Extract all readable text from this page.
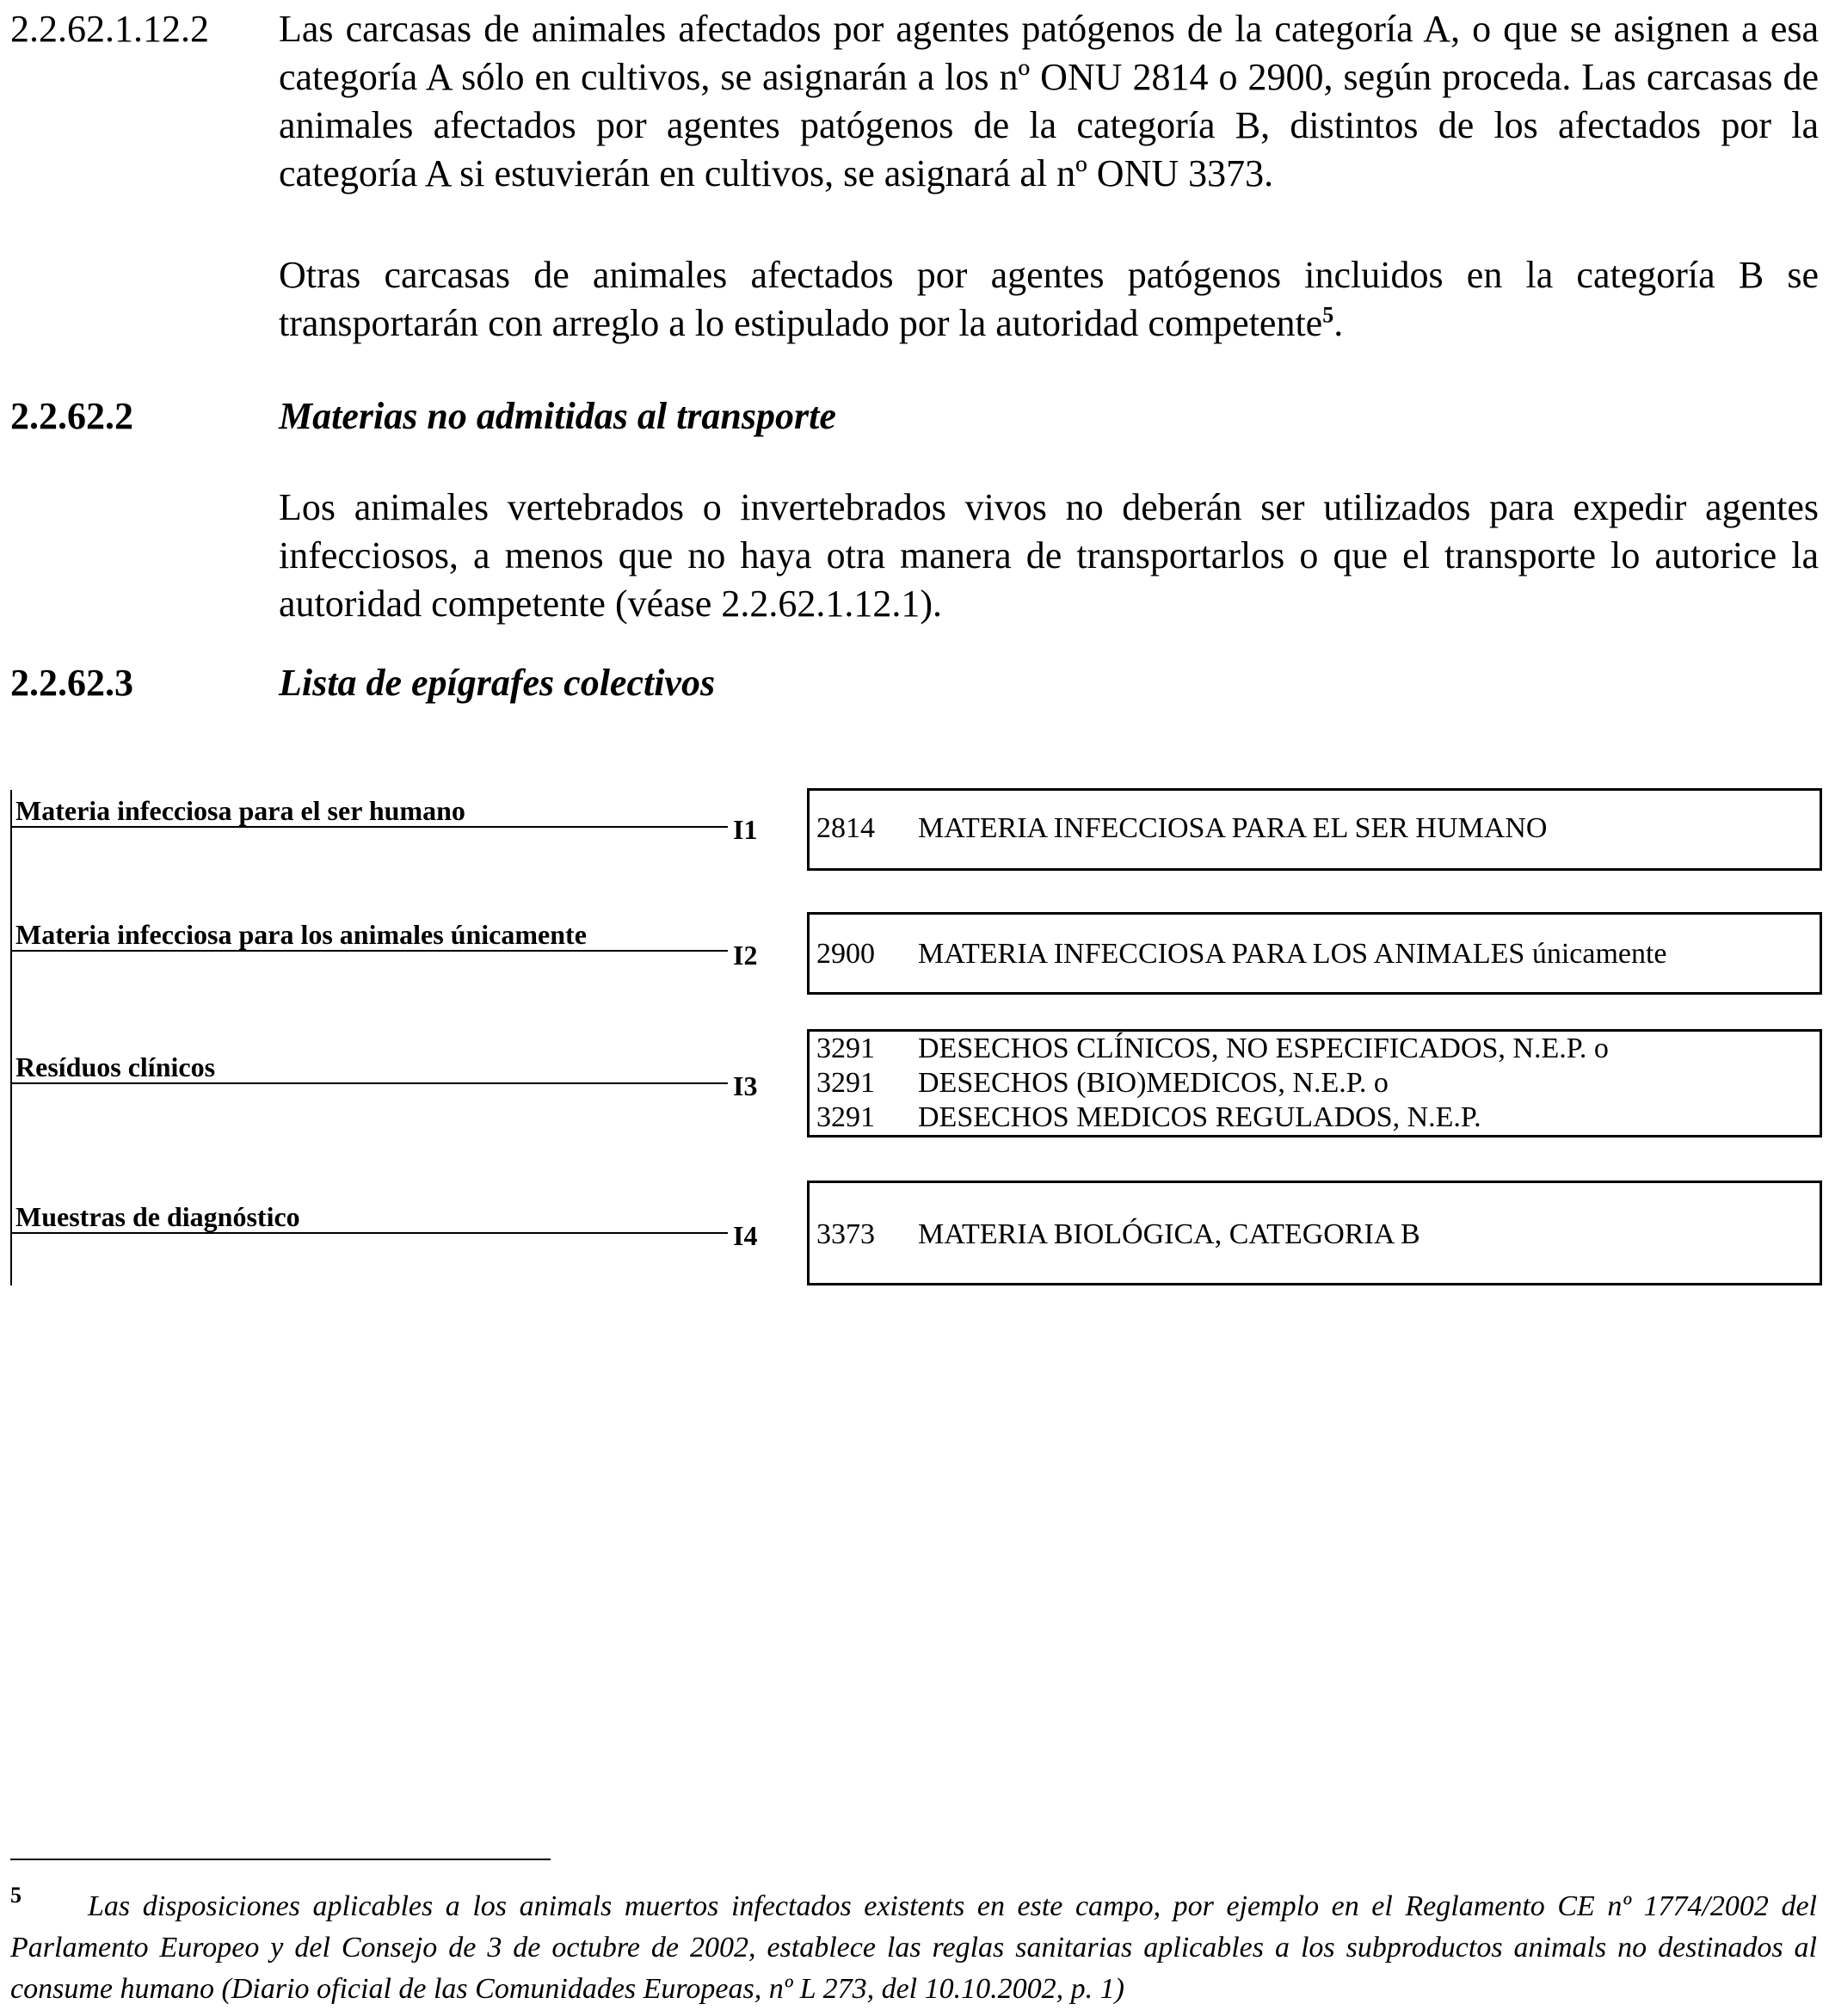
2.2.62.1.12.2 Las carcasas de animales afectados por agentes patógenos de la categoría A, o que se asignen a esa categoría A sólo en cultivos, se asignarán a los nº ONU 2814 o 2900, según proceda. Las carcasas de animales afectados por agentes patógenos de la categoría B, distintos de los afectados por la categoría A si estuvierán en cultivos, se asignará al nº ONU 3373.
Otras carcasas de animales afectados por agentes patógenos incluidos en la categoría B se transportarán con arreglo a lo estipulado por la autoridad competente$^5$.
2.2.62.2	Materias no admitidas al transporte
Los animales vertebrados o invertebrados vivos no deberán ser utilizados para expedir agentes infecciosos, a menos que no haya otra manera de transportarlos o que el transporte lo autorice la autoridad competente (véase 2.2.62.1.12.1).
2.2.62.3	Lista de epígrafes colectivos
Materia infecciosa para el ser humano
I1 2814 MATERIA INFECCIOSA PARA EL SER HUMANO
Materia infecciosa para los animales únicamente
I2 2900 MATERIA INFECCIOSA PARA LOS ANIMALES únicamente
Resíduos clínicos
I3
3291 DESECHOS CLÍNICOS, NO ESPECIFICADOS, N.E.P. o
3291 DESECHOS (BIO)MEDICOS, N.E.P. o
3291 DESECHOS MEDICOS REGULADOS, N.E.P.
Muestras de diagnóstico
I4 3373 MATERIA BIOLÓGICA, CATEGORIA B
5	Las disposiciones aplicables a los animals muertos infectados existents en este campo, por ejemplo en el Reglamento CE nº 1774/2002 del Parlamento Europeo y del Consejo de 3 de octubre de 2002, establece las reglas sanitarias aplicables a los subproductos animals no destinados al consume humano (Diario oficial de las Comunidades Europeas, nº L 273, del 10.10.2002, p. 1)
